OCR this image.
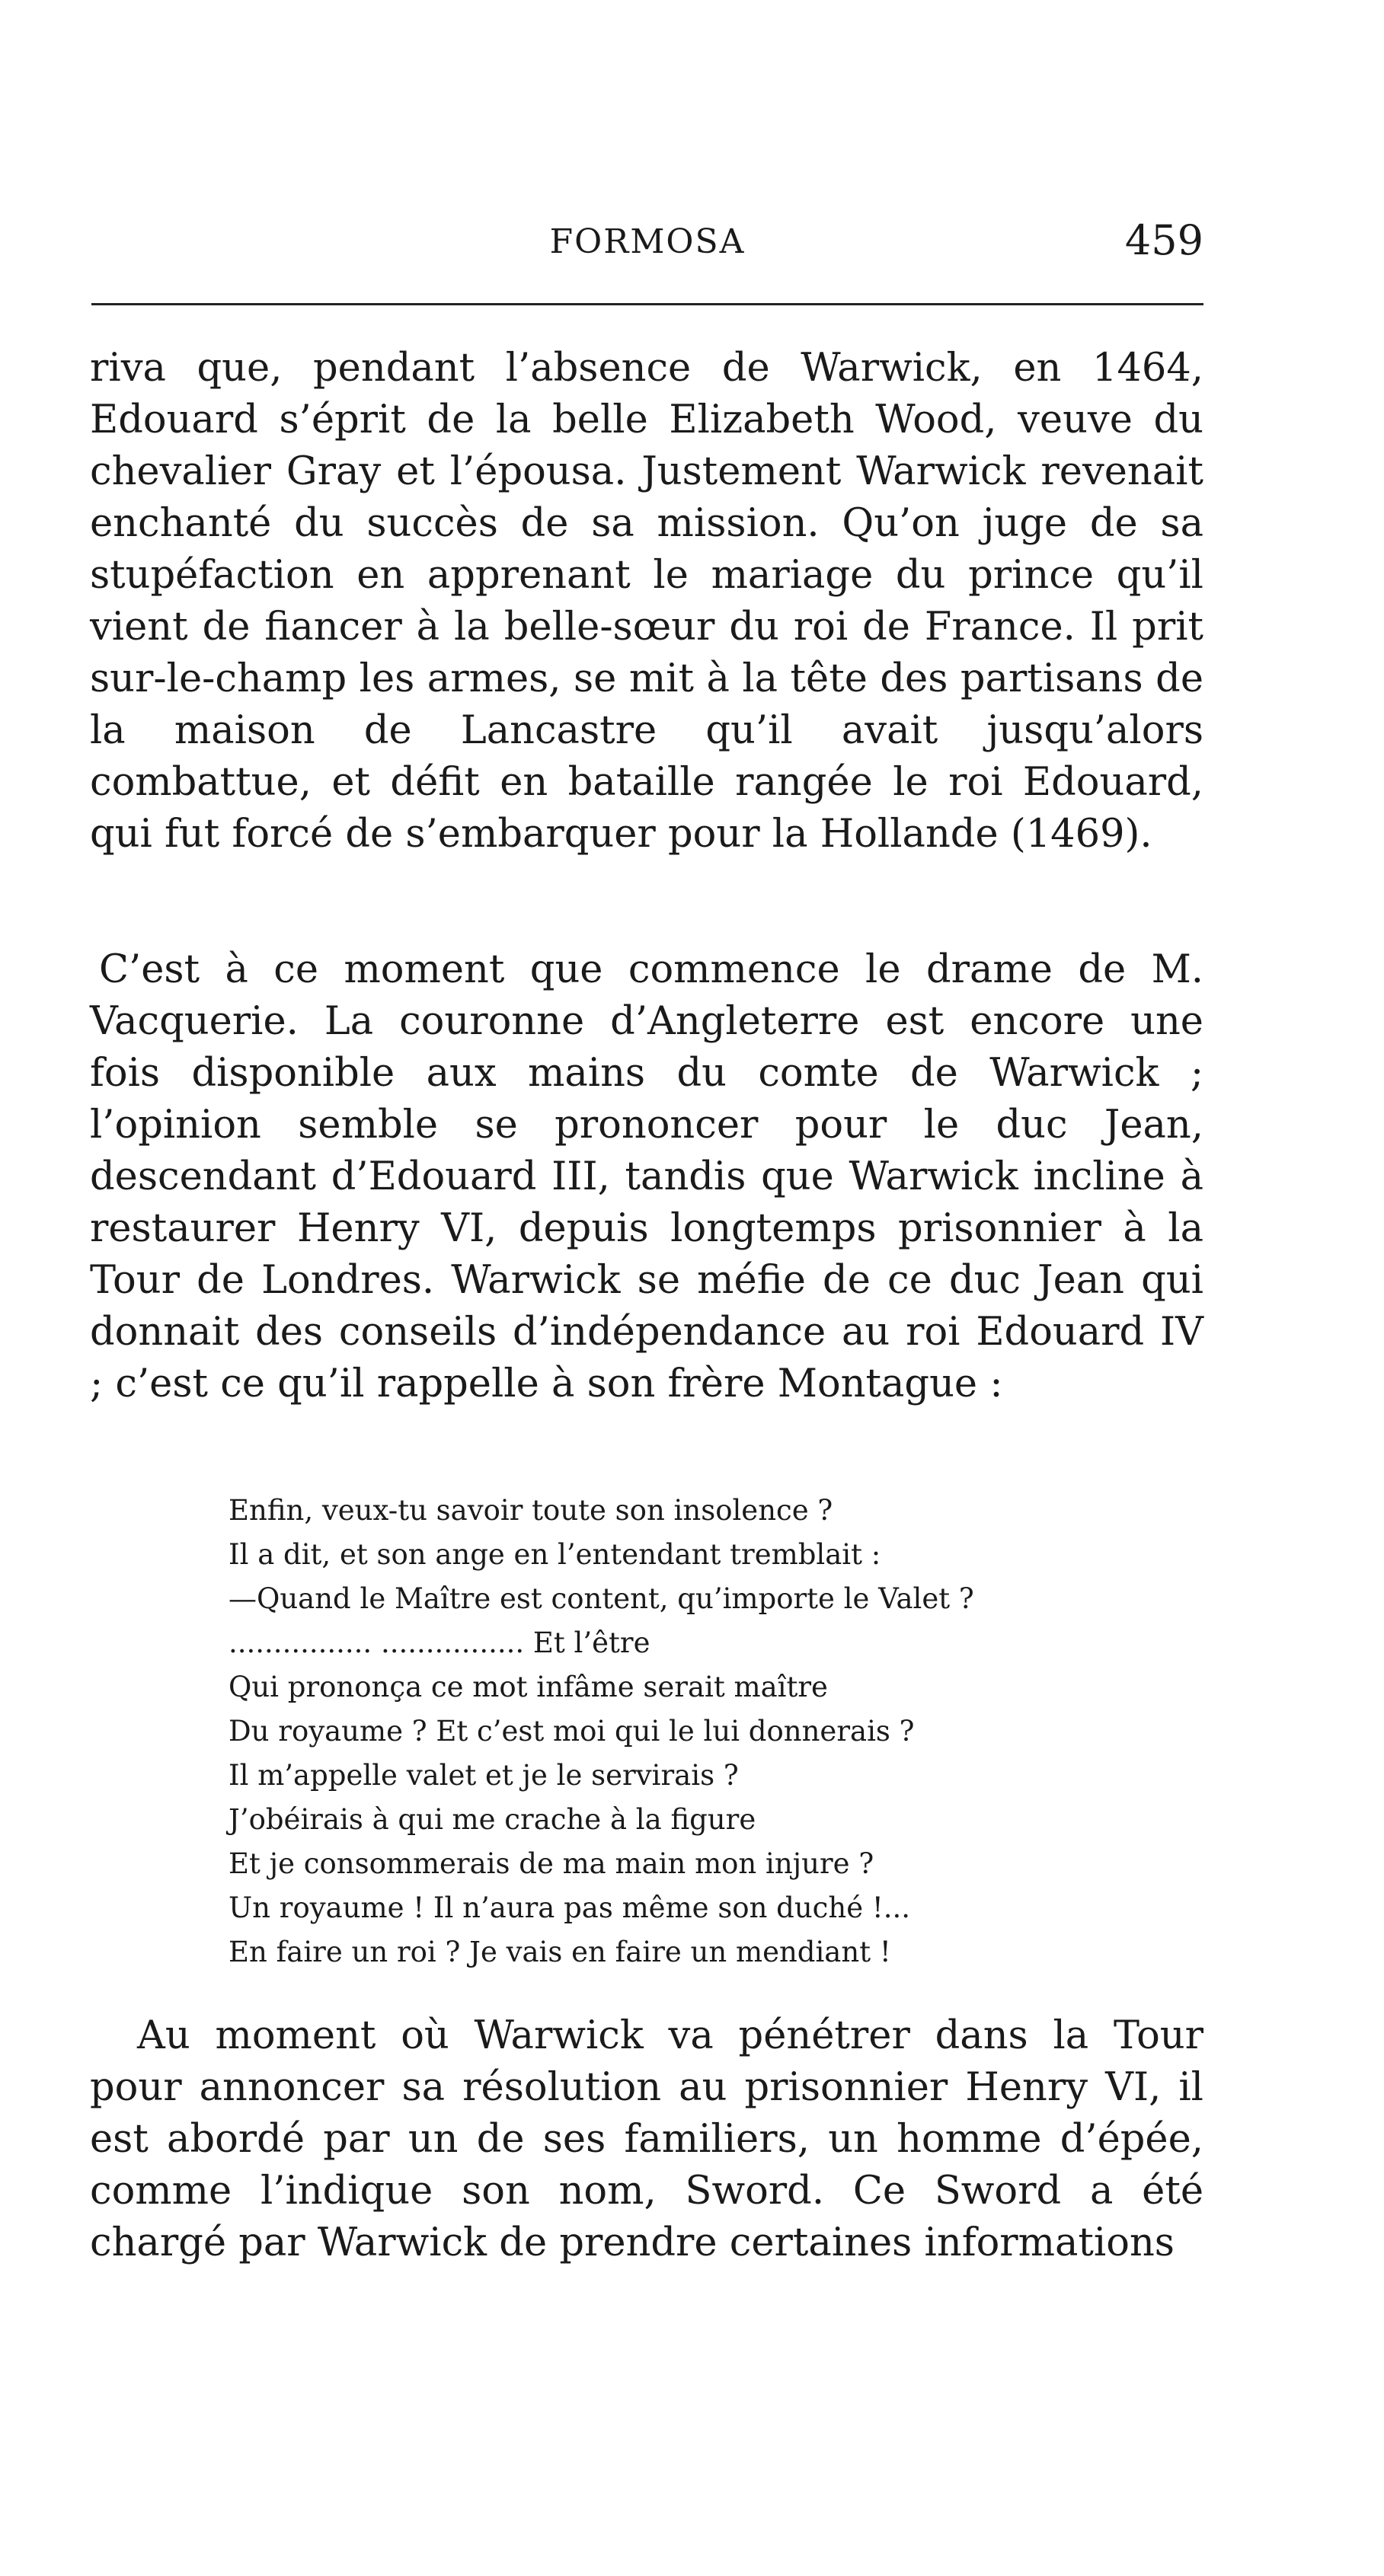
FORMOSA	459

riva que, pendant l’absence de Warwick, en 1464, Edouard s’éprit de la belle Elizabeth Wood, veuve du chevalier Gray et l’épousa. Justement Warwick revenait enchanté du succès de sa mission. Qu’on juge de sa stupéfaction en apprenant le mariage du prince qu’il vient de fiancer à la belle-sœur du roi de France. Il prit sur-le-champ les armes, se mit à la tête des partisans de la maison de Lancastre qu’il avait jusqu’alors combattue, et défit en bataille rangée le roi Edouard, qui fut forcé de s’embarquer pour la Hollande (1469).

C’est à ce moment que commence le drame de M. Vacquerie. La couronne d’Angleterre est encore une fois disponible aux mains du comte de Warwick ; l’opinion semble se prononcer pour le duc Jean, descendant d’Edouard III, tandis que Warwick incline à restaurer Henry VI, depuis longtemps prisonnier à la Tour de Londres. Warwick se méfie de ce duc Jean qui donnait des conseils d’indépendance au roi Edouard IV ; c’est ce qu’il rappelle à son frère Montague :

Enfin, veux-tu savoir toute son insolence ?
Il a dit, et son ange en l’entendant tremblait :
—Quand le Maître est content, qu’importe le Valet ?
................ ................ Et l’être
Qui prononça ce mot infâme serait maître
Du royaume ? Et c’est moi qui le lui donnerais ?
Il m’appelle valet et je le servirais ?
J’obéirais à qui me crache à la figure
Et je consommerais de ma main mon injure ?
Un royaume ! Il n’aura pas même son duché !...
En faire un roi ? Je vais en faire un mendiant !

Au moment où Warwick va pénétrer dans la Tour pour annoncer sa résolution au prisonnier Henry VI, il est abordé par un de ses familiers, un homme d’épée, comme l’indique son nom, Sword. Ce Sword a été chargé par Warwick de prendre certaines informations
